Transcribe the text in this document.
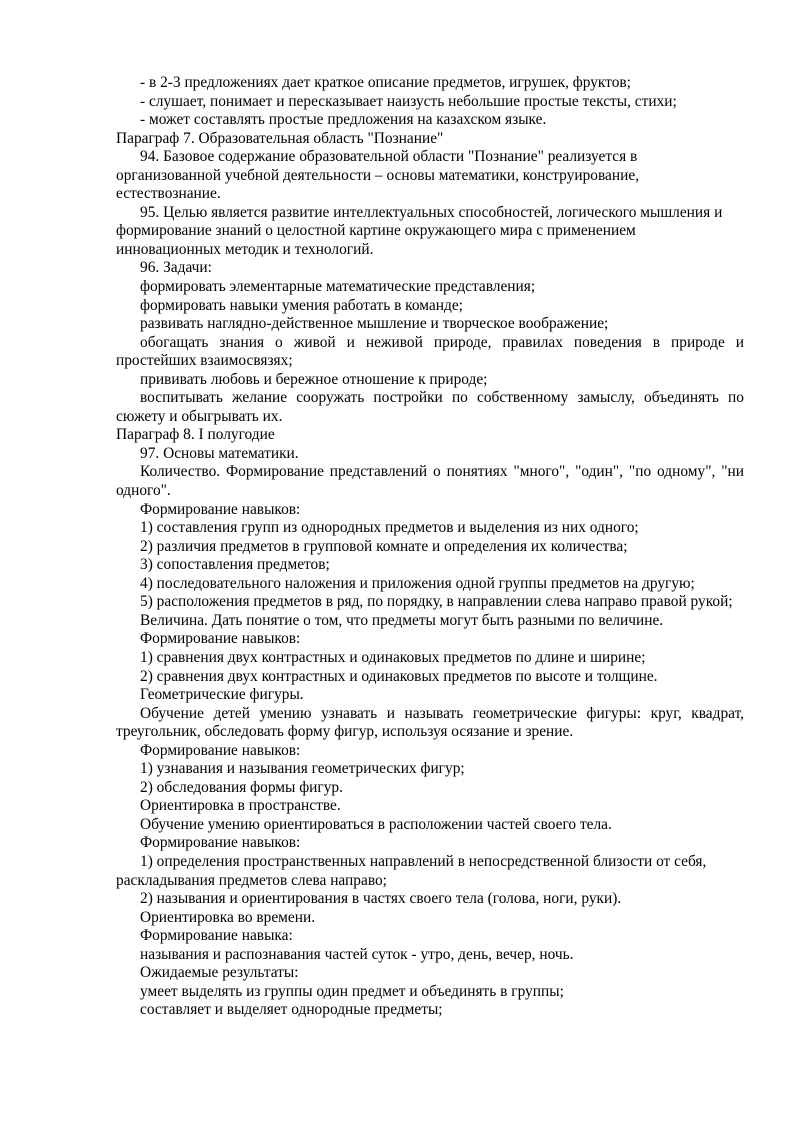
- в 2-3 предложениях дает краткое описание предметов, игрушек, фруктов;

- слушает, понимает и пересказывает наизусть небольшие простые тексты, стихи;

- может составлять простые предложения на казахском языке.

Параграф 7. Образовательная область "Познание"

94. Базовое содержание образовательной области "Познание" реализуется в организованной учебной деятельности – основы математики, конструирование, естествознание.

95. Целью является развитие интеллектуальных способностей, логического мышления и формирование знаний о целостной картине окружающего мира с применением инновационных методик и технологий.

96. Задачи:

формировать элементарные математические представления;

формировать навыки умения работать в команде;

развивать наглядно-действенное мышление и творческое воображение;

обогащать знания о живой и неживой природе, правилах поведения в природе и простейших взаимосвязях;

прививать любовь и бережное отношение к природе;

воспитывать желание сооружать постройки по собственному замыслу, объединять по сюжету и обыгрывать их.

Параграф 8. I полугодие

97. Основы математики.

Количество. Формирование представлений о понятиях "много", "один", "по одному", "ни одного".

Формирование навыков:

1) составления групп из однородных предметов и выделения из них одного;

2) различия предметов в групповой комнате и определения их количества;

3) сопоставления предметов;

4) последовательного наложения и приложения одной группы предметов на другую;

5) расположения предметов в ряд, по порядку, в направлении слева направо правой рукой;

Величина. Дать понятие о том, что предметы могут быть разными по величине.

Формирование навыков:

1) сравнения двух контрастных и одинаковых предметов по длине и ширине;

2) сравнения двух контрастных и одинаковых предметов по высоте и толщине.

Геометрические фигуры.

Обучение детей умению узнавать и называть геометрические фигуры: круг, квадрат, треугольник, обследовать форму фигур, используя осязание и зрение.

Формирование навыков:

1) узнавания и называния геометрических фигур;

2) обследования формы фигур.

Ориентировка в пространстве.

Обучение умению ориентироваться в расположении частей своего тела.

Формирование навыков:

1) определения пространственных направлений в непосредственной близости от себя, раскладывания предметов слева направо;

2) называния и ориентирования в частях своего тела (голова, ноги, руки).

Ориентировка во времени.

Формирование навыка:

называния и распознавания частей суток - утро, день, вечер, ночь.

Ожидаемые результаты:

умеет выделять из группы один предмет и объединять в группы;

составляет и выделяет однородные предметы;
